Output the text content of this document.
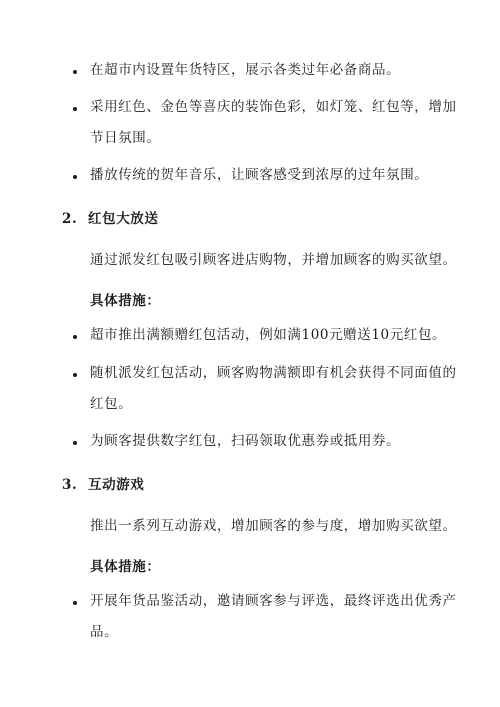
在超市内设置年货特区，展示各类过年必备商品。
采用红色、金色等喜庆的装饰色彩，如灯笼、红包等，增加
节日氛围。
播放传统的贺年音乐，让顾客感受到浓厚的过年氛围。
2. 红包大放送
通过派发红包吸引顾客进店购物，并增加顾客的购买欲望。
具体措施：
超市推出满额赠红包活动，例如满100元赠送10元红包。
随机派发红包活动，顾客购物满额即有机会获得不同面值的
红包。
为顾客提供数字红包，扫码领取优惠券或抵用券。
3. 互动游戏
推出一系列互动游戏，增加顾客的参与度，增加购买欲望。
具体措施：
开展年货品鉴活动，邀请顾客参与评选，最终评选出优秀产
品。
